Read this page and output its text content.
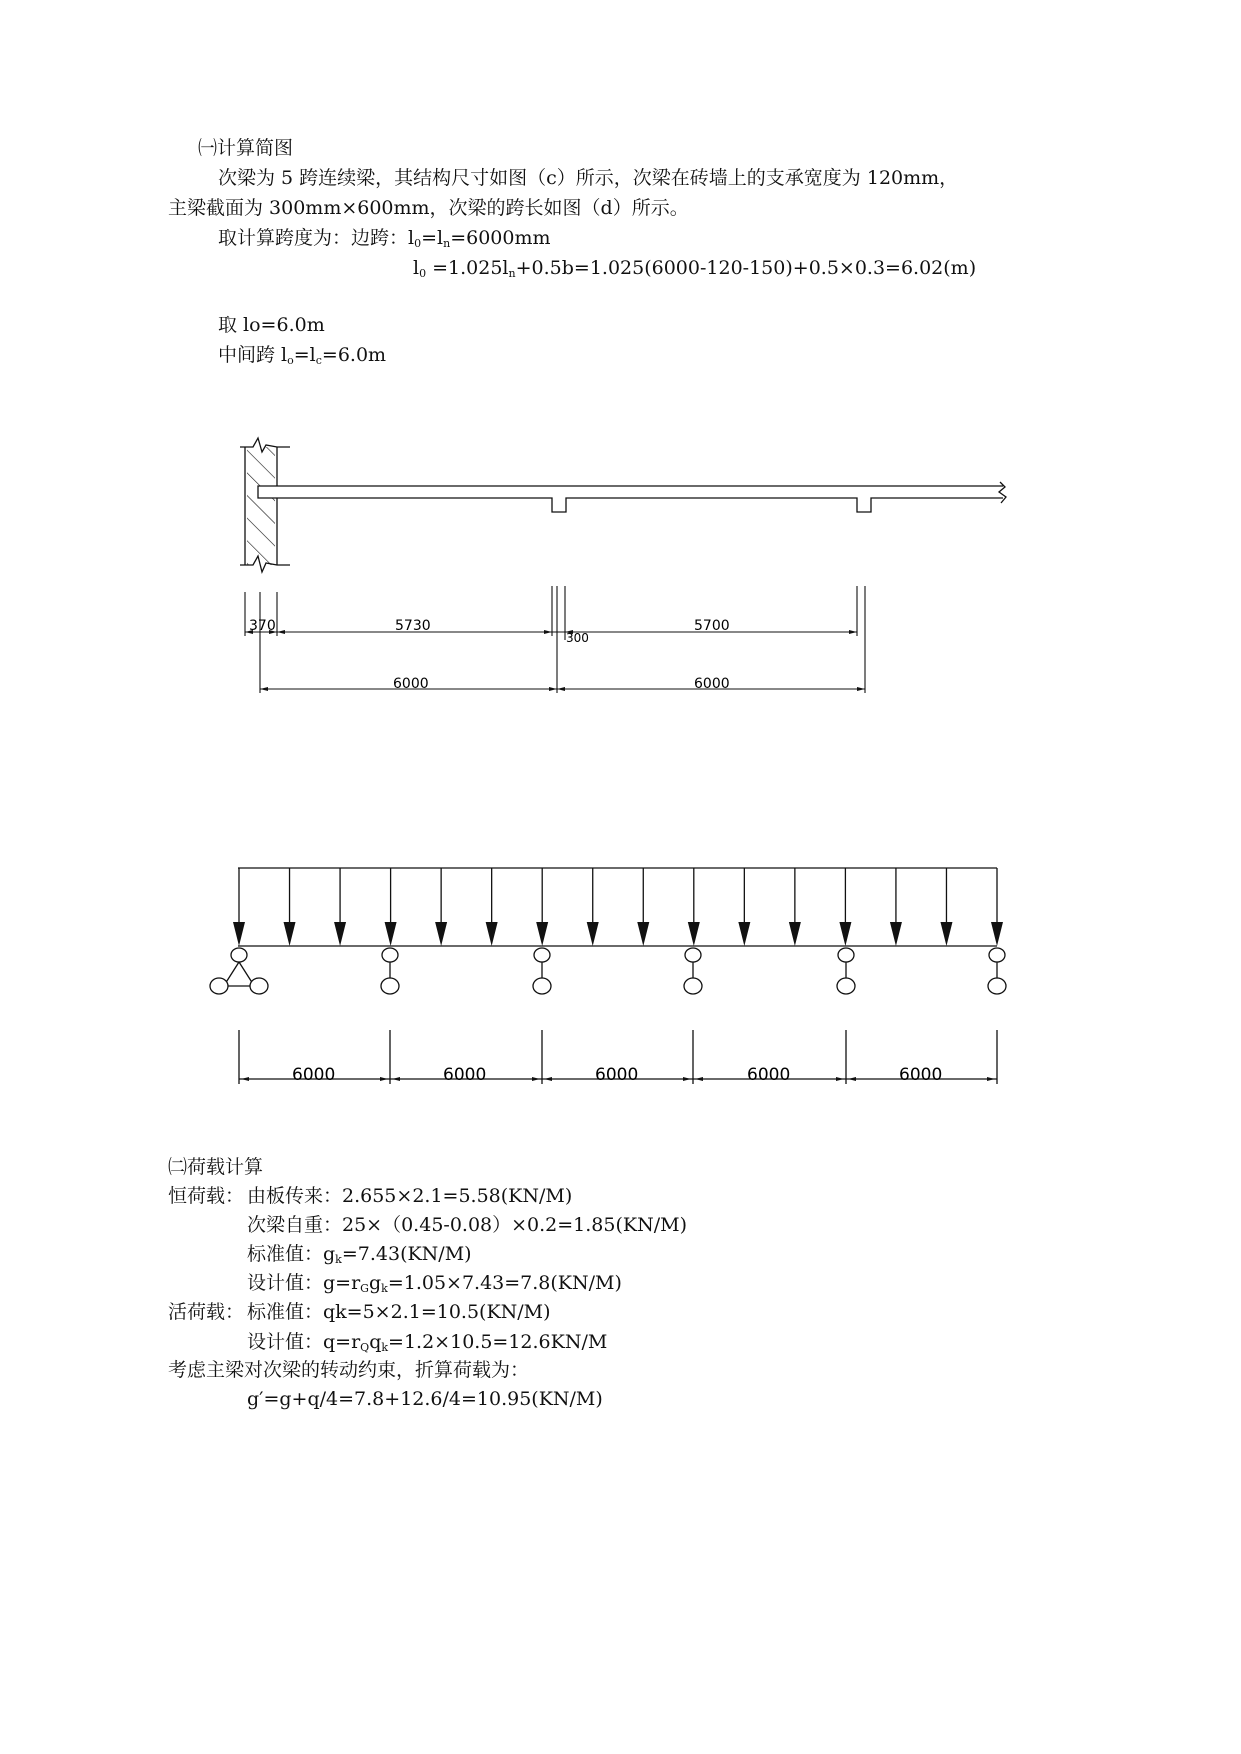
㈠计算简图
次梁为 5 跨连续梁，其结构尺寸如图（c）所示，次梁在砖墙上的支承宽度为 120mm，
主梁截面为 300mm×600mm，次梁的跨长如图（d）所示。
取计算跨度为：边跨：$l_0=l_n=6000mm$
$l_0 =1.025l_n+0.5b=1.025(6000-120-150)+0.5\times 0.3=6.02(m)$
取 lo=6.0m
中间跨 $l_o=l_c=6.0m$
370	5730
300
5700
6000	6000
6000	6000	6000	6000	6000
㈡荷载计算
恒荷载： 由板传来：2.655×2.1=5.58(KN/M)
次梁自重：25×（0.45-0.08）×0.2=1.85(KN/M)
标准值：$g_k=7.43(KN/M)$
设计值：$g=r_Gg_k=1.05\times 7.43=7.8(KN/M)$
活荷载： 标准值：qk=5×2.1=10.5(KN/M)
设计值：$q=r_Qq_k=1.2\times 10.5=12.6KN/M$
考虑主梁对次梁的转动约束，折算荷载为：
g′=g+q/4=7.8+12.6/4=10.95(KN/M)
